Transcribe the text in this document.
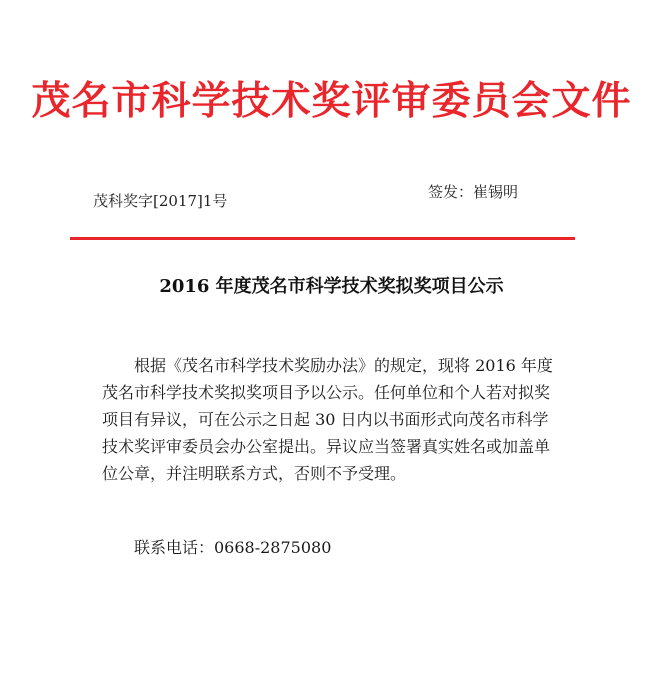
茂名市科学技术奖评审委员会文件
茂科奖字[2017]1号	签发：崔锡明
2016 年度茂名市科学技术奖拟奖项目公示
根据《茂名市科学技术奖励办法》的规定，现将 2016 年度
茂名市科学技术奖拟奖项目予以公示。任何单位和个人若对拟奖
项目有异议，可在公示之日起 30 日内以书面形式向茂名市科学
技术奖评审委员会办公室提出。异议应当签署真实姓名或加盖单
位公章，并注明联系方式，否则不予受理。
联系电话：0668-2875080
